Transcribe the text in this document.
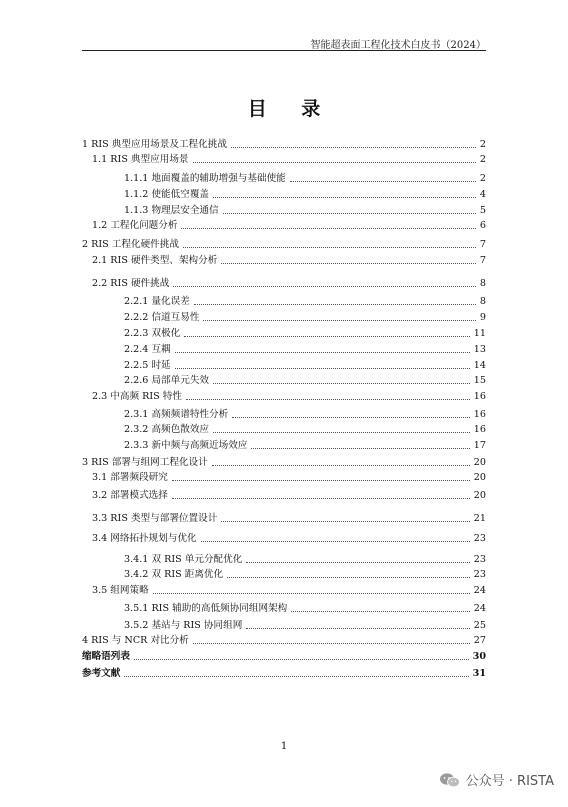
智能超表面工程化技术白皮书（2024）
目 录
1 RIS 典型应用场景及工程化挑战	2
1.1 RIS 典型应用场景	2
1.1.1 地面覆盖的辅助增强与基础使能	2
1.1.2 使能低空覆盖	4
1.1.3 物理层安全通信	5
1.2 工程化问题分析	6
2 RIS 工程化硬件挑战	7
2.1 RIS 硬件类型、架构分析	7
2.2 RIS 硬件挑战	8
2.2.1 量化误差	8
2.2.2 信道互易性	9
2.2.3 双极化	11
2.2.4 互耦	13
2.2.5 时延	14
2.2.6 局部单元失效	15
2.3 中高频 RIS 特性	16
2.3.1 高频频谱特性分析	16
2.3.2 高频色散效应	16
2.3.3 新中频与高频近场效应	17
3 RIS 部署与组网工程化设计	20
3.1 部署频段研究	20
3.2 部署模式选择	20
3.3 RIS 类型与部署位置设计	21
3.4 网络拓扑规划与优化	23
3.4.1 双 RIS 单元分配优化	23
3.4.2 双 RIS 距离优化	23
3.5 组网策略	24
3.5.1 RIS 辅助的高低频协同组网架构	24
3.5.2 基站与 RIS 协同组网	25
4 RIS 与 NCR 对比分析	27
缩略语列表	30
参考文献	31
1
公众号 · RISTA
